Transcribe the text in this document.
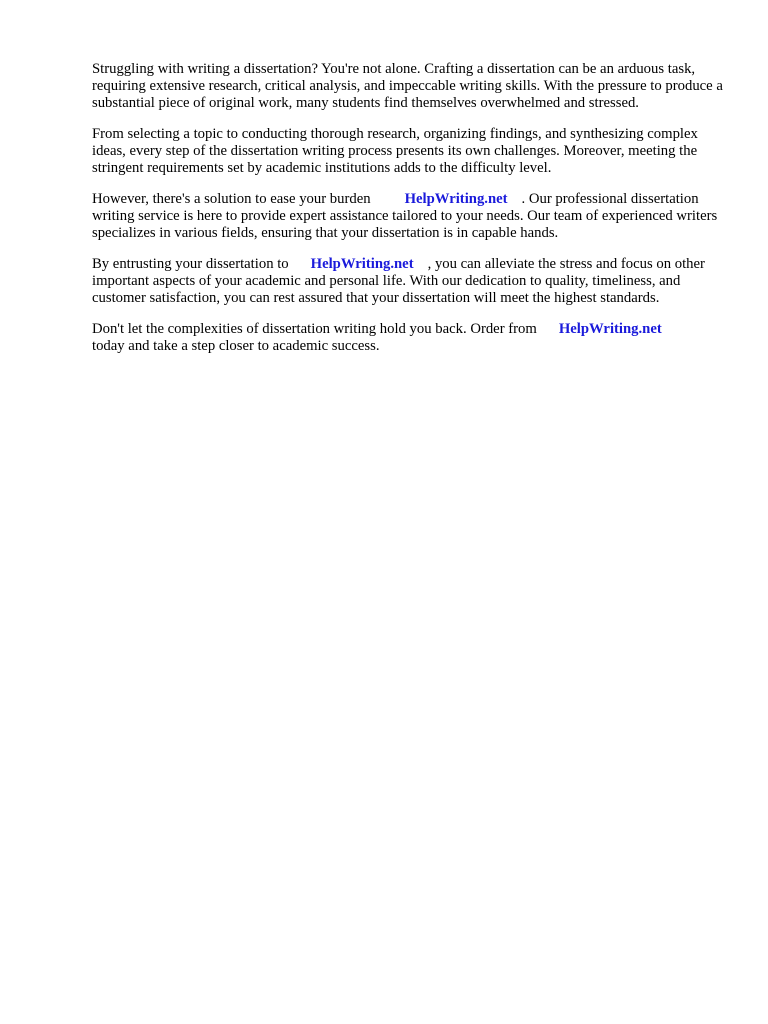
Struggling with writing a dissertation? You're not alone. Crafting a dissertation can be an arduous task, requiring extensive research, critical analysis, and impeccable writing skills. With the pressure to produce a substantial piece of original work, many students find themselves overwhelmed and stressed.

From selecting a topic to conducting thorough research, organizing findings, and synthesizing complex ideas, every step of the dissertation writing process presents its own challenges. Moreover, meeting the stringent requirements set by academic institutions adds to the difficulty level.

However, there's a solution to ease your burden HelpWriting.net . Our professional dissertation writing service is here to provide expert assistance tailored to your needs. Our team of experienced writers specializes in various fields, ensuring that your dissertation is in capable hands.

By entrusting your dissertation to HelpWriting.net , you can alleviate the stress and focus on other important aspects of your academic and personal life. With our dedication to quality, timeliness, and customer satisfaction, you can rest assured that your dissertation will meet the highest standards.

Don't let the complexities of dissertation writing hold you back. Order from HelpWriting.net
today and take a step closer to academic success.
